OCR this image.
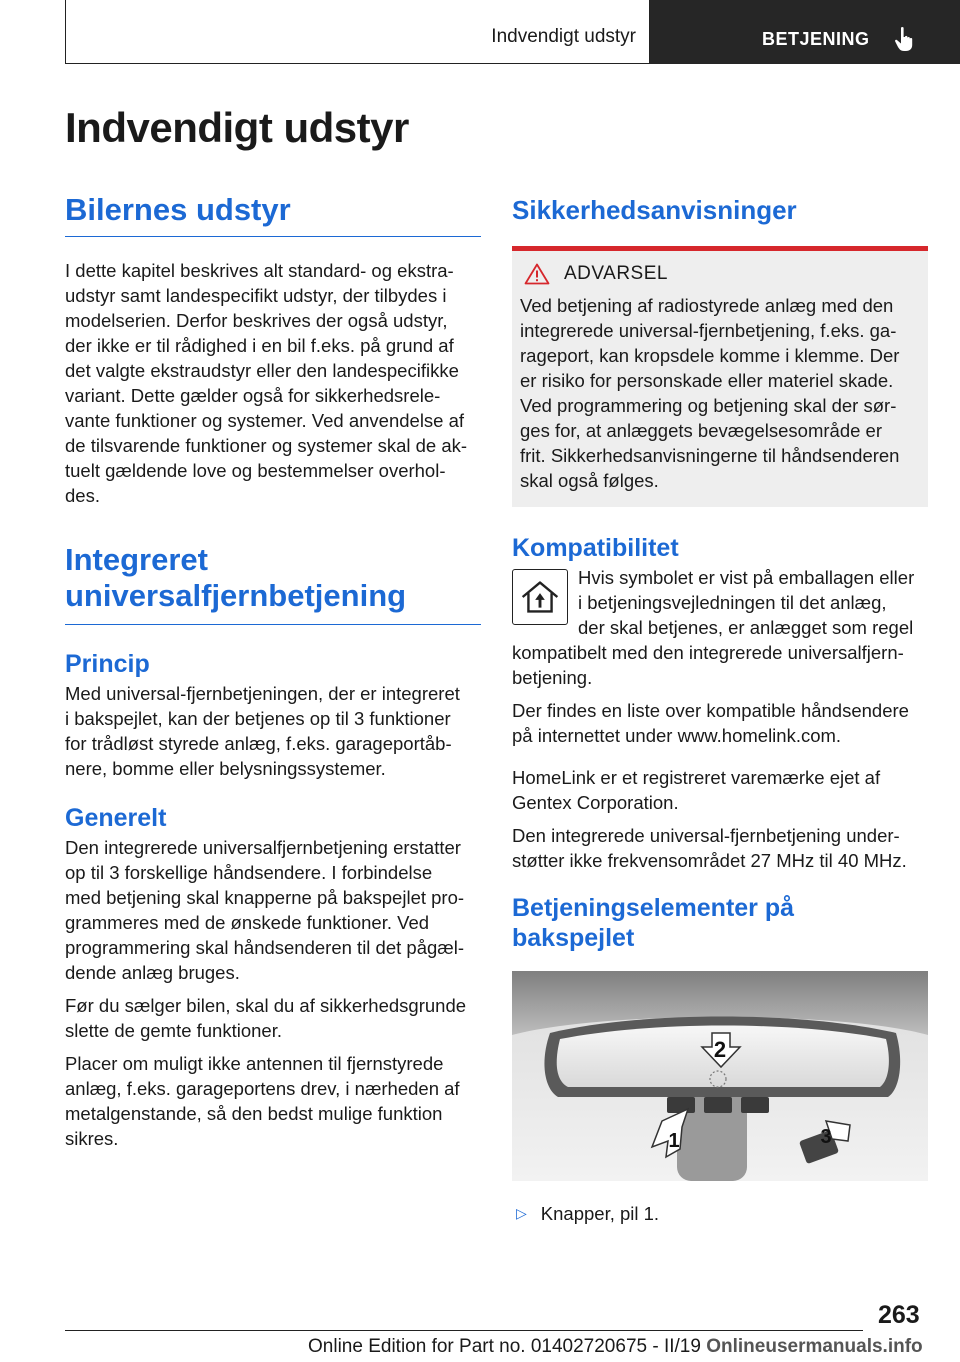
Indvendigt udstyr	BETJENING
Indvendigt udstyr
Bilernes udstyr
I dette kapitel beskrives alt standard- og ekstra-
udstyr samt landespecifikt udstyr, der tilbydes i
modelserien. Derfor beskrives der også udstyr,
der ikke er til rådighed i en bil f.eks. på grund af
det valgte ekstraudstyr eller den landespecifikke
variant. Dette gælder også for sikkerhedsrele-
vante funktioner og systemer. Ved anvendelse af
de tilsvarende funktioner og systemer skal de ak-
tuelt gældende love og bestemmelser overhol-
des.
Integreret
universalfjernbetjening
Princip
Med universal-fjernbetjeningen, der er integreret
i bakspejlet, kan der betjenes op til 3 funktioner
for trådløst styrede anlæg, f.eks. garageportåb-
nere, bomme eller belysningssystemer.
Generelt
Den integrerede universalfjernbetjening erstatter
op til 3 forskellige håndsendere. I forbindelse
med betjening skal knapperne på bakspejlet pro-
grammeres med de ønskede funktioner. Ved
programmering skal håndsenderen til det pågæl-
dende anlæg bruges.
Før du sælger bilen, skal du af sikkerhedsgrunde
slette de gemte funktioner.
Placer om muligt ikke antennen til fjernstyrede
anlæg, f.eks. garageportens drev, i nærheden af
metalgenstande, så den bedst mulige funktion
sikres.
Sikkerhedsanvisninger
ADVARSEL
Ved betjening af radiostyrede anlæg med den
integrerede universal-fjernbetjening, f.eks. ga-
rageport, kan kropsdele komme i klemme. Der
er risiko for personskade eller materiel skade.
Ved programmering og betjening skal der sør-
ges for, at anlæggets bevægelsesområde er
frit. Sikkerhedsanvisningerne til håndsenderen
skal også følges.
Kompatibilitet
Hvis symbolet er vist på emballagen eller
i betjeningsvejledningen til det anlæg,
der skal betjenes, er anlægget som regel
kompatibelt med den integrerede universalfjern-
betjening.
Der findes en liste over kompatible håndsendere
på internettet under www.homelink.com.
HomeLink er et registreret varemærke ejet af
Gentex Corporation.
Den integrerede universal-fjernbetjening under-
støtter ikke frekvensområdet 27 MHz til 40 MHz.
Betjeningselementer på
bakspejlet
2
1	3
▷ Knapper, pil 1.
263
Online Edition for Part no. 01402720675 - II/19 Onlineusermanuals.info
